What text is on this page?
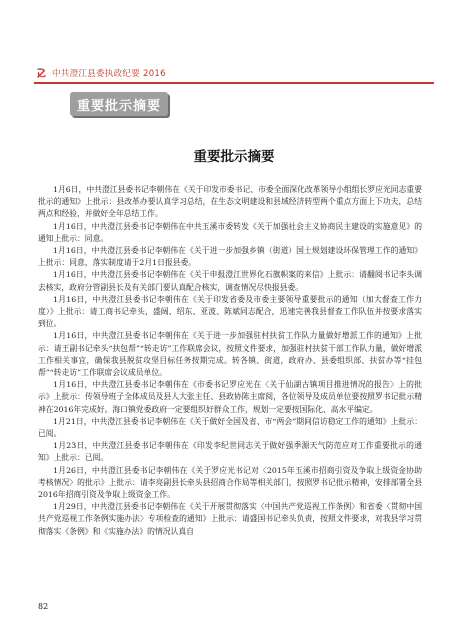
中共澄江县委执政纪要 2016
重要批示摘要
重要批示摘要

1月6日，中共澄江县委书记李朝伟在《关于印发市委书记、市委全面深化改革领导小组组长罗应光同志重要批示的通知》上批示：县改革办要认真学习总结，在生态文明建设和县域经济转型两个重点方面上下功夫，总结两点和经验，并做好全年总结工作。

1月16日，中共澄江县委书记李朝伟在中共玉溪市委转发《关于加强社会主义协商民主建设的实施意见》的通知上批示：同意。

1月16日，中共澄江县委书记李朝伟在《关于进一步加强乡镇（街道）国土规划建设环保管理工作的通知》上批示：同意，落实制度请于2月1日报县委。

1月16日，中共澄江县委书记李朝伟在《关于申报澄江世界化石旗帜案的来信》上批示：请翻阅书记李头调去核实，政府分管副县长及有关部门要认真配合核实，调查情况尽快报县委。

1月16日，中共澄江县委书记李朝伟在《关于印发省委及市委主要领导重要批示的通知（加大督查工作力度）》上批示：请工商书记牵头，盛阔、绍东、亚波、陈斌同志配合，迅速完善我县督查工作队伍并按要求落实到位。

1月16日，中共澄江县委书记李朝伟在《关于进一步加强驻村扶贫工作队力量做好增派工作的通知》上批示：请王副书记牵头“扶包帮”“转走访”工作联席会议，按照文件要求，加强驻村扶贫干部工作队力量，做好增派工作相关事宜，确保我县脱贫攻坚目标任务按期完成。转各镇、街道，政府办、县委组织部、扶贫办等“挂包帮”“转走访”工作联席会议成员单位。

1月16日，中共澄江县委书记李朝伟在《市委书记罗应光在〈关于仙湖古镇项目推进情况的报告〉上的批示》上批示：传领导班子全体成员及县人大张主任、县政协陈主席阅，各位领导及成员单位要按照罗书记批示精神在2016年完成好。海口镇党委政府一定要组织好群众工作，规划一定要按国际化、高水平编定。

1月21日，中共澄江县委书记李朝伟在《关于做好全国及省、市“两会”期间信访稳定工作的通知》上批示：已阅。

1月23日，中共澄江县委书记李朝伟在《印发李纪世同志关于做好强季源天气防范应对工作重要批示的通知》上批示：已阅。

1月26日，中共澄江县委书记李朝伟在《关于罗应光书记对〈2015年玉溪市招商引资及争取上级资金协助考核情况〉的批示》上批示：请李亮副县长牵头县招商合作局等相关部门，按照罗书记批示精神，安排部署全县2016年招商引资及争取上级资金工作。

1月29日，中共澄江县委书记李朝伟在《关于开展贯彻落实〈中国共产党巡视工作条例〉和省委〈贯彻中国共产党巡视工作条例实施办法〉专项检查的通知》上批示：请盛国书记牵头负责，按照文件要求，对我县学习贯彻落实《条例》和《实施办法》的情况认真自

82
